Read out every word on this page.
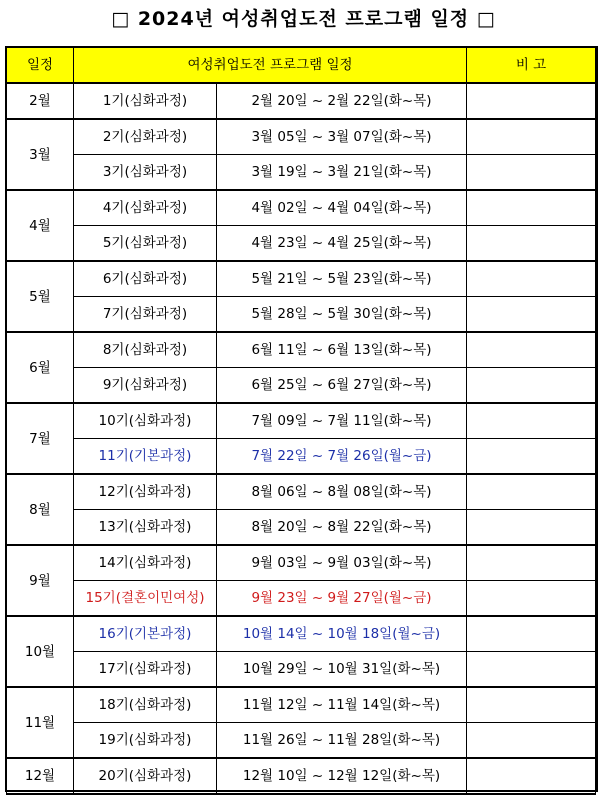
□ 2024년 여성취업도전 프로그램 일정 □
일정	여성취업도전 프로그램 일정		비 고
2월	1기(심화과정)	2월 20일 ~ 2월 22일(화~목)	
3월	2기(심화과정)	3월 05일 ~ 3월 07일(화~목)	
	3기(심화과정)	3월 19일 ~ 3월 21일(화~목)	
4월	4기(심화과정)	4월 02일 ~ 4월 04일(화~목)	
	5기(심화과정)	4월 23일 ~ 4월 25일(화~목)	
5월	6기(심화과정)	5월 21일 ~ 5월 23일(화~목)	
	7기(심화과정)	5월 28일 ~ 5월 30일(화~목)	
6월	8기(심화과정)	6월 11일 ~ 6월 13일(화~목)	
	9기(심화과정)	6월 25일 ~ 6월 27일(화~목)	
7월	10기(심화과정)	7월 09일 ~ 7월 11일(화~목)	
	11기(기본과정)	7월 22일 ~ 7월 26일(월~금)	
8월	12기(심화과정)	8월 06일 ~ 8월 08일(화~목)	
	13기(심화과정)	8월 20일 ~ 8월 22일(화~목)	
9월	14기(심화과정)	9월 03일 ~ 9월 03일(화~목)	
	15기(결혼이민여성)	9월 23일 ~ 9월 27일(월~금)	
10월	16기(기본과정)	10월 14일 ~ 10월 18일(월~금)	
	17기(심화과정)	10월 29일 ~ 10월 31일(화~목)	
11월	18기(심화과정)	11월 12일 ~ 11월 14일(화~목)	
	19기(심화과정)	11월 26일 ~ 11월 28일(화~목)	
12월	20기(심화과정)	12월 10일 ~ 12월 12일(화~목)	
